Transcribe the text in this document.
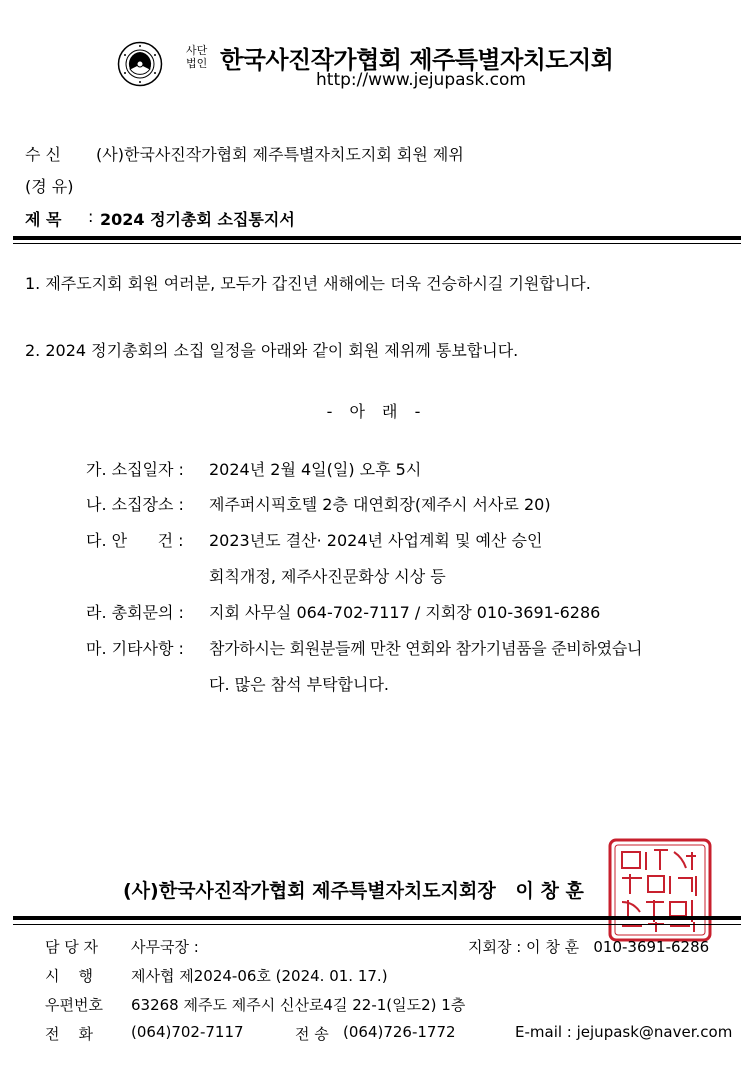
사단
법인 한국사진작가협회 제주특별자치도지회
http://www.jejupask.com
수 신 (사)한국사진작가협회 제주특별자치도지회 회원 제위
(경 유)
제 목 : 2024 정기총회 소집통지서
1. 제주도지회 회원 여러분, 모두가 갑진년 새해에는 더욱 건승하시길 기원합니다.
2. 2024 정기총회의 소집 일정을 아래와 같이 회원 제위께 통보합니다.
- 아 래 -
가. 소집일자 : 2024년 2월 4일(일) 오후 5시
나. 소집장소 : 제주퍼시픽호텔 2층 대연회장(제주시 서사로 20)
다. 안      건 : 2023년도 결산· 2024년 사업계획 및 예산 승인
회칙개정, 제주사진문화상 시상 등
라. 총회문의 : 지회 사무실 064-702-7117 / 지회장 010-3691-6286
마. 기타사항 : 참가하시는 회원분들께 만찬 연회와 참가기념품을 준비하였습니
다. 많은 참석 부탁합니다.
(사)한국사진작가협회 제주특별자치도지회장   이 창 훈
담 당 자 사무국장 :	지회장 : 이 창 훈   010-3691-6286
시    행	제사협 제2024-06호 (2024. 01. 17.)
우편번호 63268 제주도 제주시 신산로4길 22-1(일도2) 1층
전    화	(064)702-7117	전 송 (064)726-1772	E-mail : jejupask@naver.com
